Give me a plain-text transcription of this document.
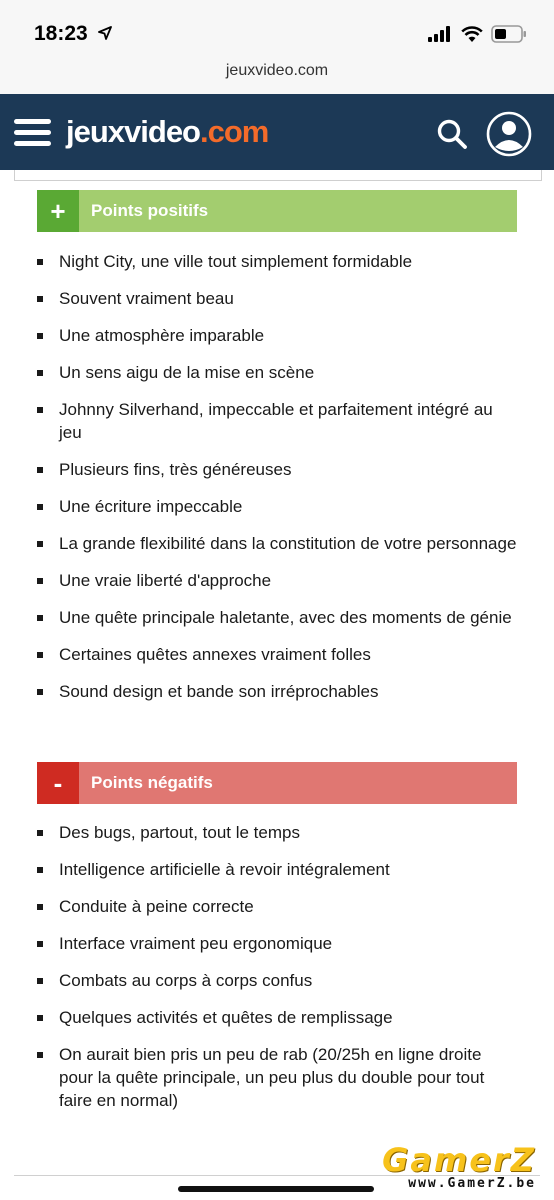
18:23
jeuxvideo.com
jeuxvideo.com
+	Points positifs
Night City, une ville tout simplement formidable
Souvent vraiment beau
Une atmosphère imparable
Un sens aigu de la mise en scène
Johnny Silverhand, impeccable et parfaitement intégré au jeu
Plusieurs fins, très généreuses
Une écriture impeccable
La grande flexibilité dans la constitution de votre personnage
Une vraie liberté d'approche
Une quête principale haletante, avec des moments de génie
Certaines quêtes annexes vraiment folles
Sound design et bande son irréprochables
-	Points négatifs
Des bugs, partout, tout le temps
Intelligence artificielle à revoir intégralement
Conduite à peine correcte
Interface vraiment peu ergonomique
Combats au corps à corps confus
Quelques activités et quêtes de remplissage
On aurait bien pris un peu de rab (20/25h en ligne droite pour la quête principale, un peu plus du double pour tout faire en normal)
GamerZ
www.GamerZ.be
